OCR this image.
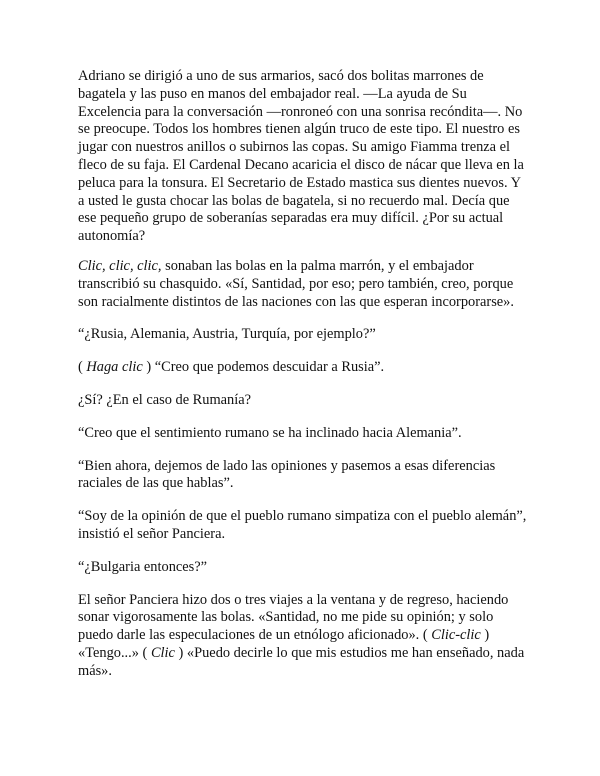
Adriano se dirigió a uno de sus armarios, sacó dos bolitas marrones de bagatela y las puso en manos del embajador real. —La ayuda de Su Excelencia para la conversación —ronroneó con una sonrisa recóndita—. No se preocupe. Todos los hombres tienen algún truco de este tipo. El nuestro es jugar con nuestros anillos o subirnos las copas. Su amigo Fiamma trenza el fleco de su faja. El Cardenal Decano acaricia el disco de nácar que lleva en la peluca para la tonsura. El Secretario de Estado mastica sus dientes nuevos. Y a usted le gusta chocar las bolas de bagatela, si no recuerdo mal. Decía que ese pequeño grupo de soberanías separadas era muy difícil. ¿Por su actual autonomía?

Clic, clic, clic, sonaban las bolas en la palma marrón, y el embajador transcribió su chasquido. «Sí, Santidad, por eso; pero también, creo, porque son racialmente distintos de las naciones con las que esperan incorporarse».

“¿Rusia, Alemania, Austria, Turquía, por ejemplo?”

( Haga clic ) “Creo que podemos descuidar a Rusia”.

¿Sí? ¿En el caso de Rumanía?

“Creo que el sentimiento rumano se ha inclinado hacia Alemania”.

“Bien ahora, dejemos de lado las opiniones y pasemos a esas diferencias raciales de las que hablas”.

“Soy de la opinión de que el pueblo rumano simpatiza con el pueblo alemán”, insistió el señor Panciera.

“¿Bulgaria entonces?”

El señor Panciera hizo dos o tres viajes a la ventana y de regreso, haciendo sonar vigorosamente las bolas. «Santidad, no me pide su opinión; y solo puedo darle las especulaciones de un etnólogo aficionado». ( Clic-clic ) «Tengo...» ( Clic ) «Puedo decirle lo que mis estudios me han enseñado, nada más».
